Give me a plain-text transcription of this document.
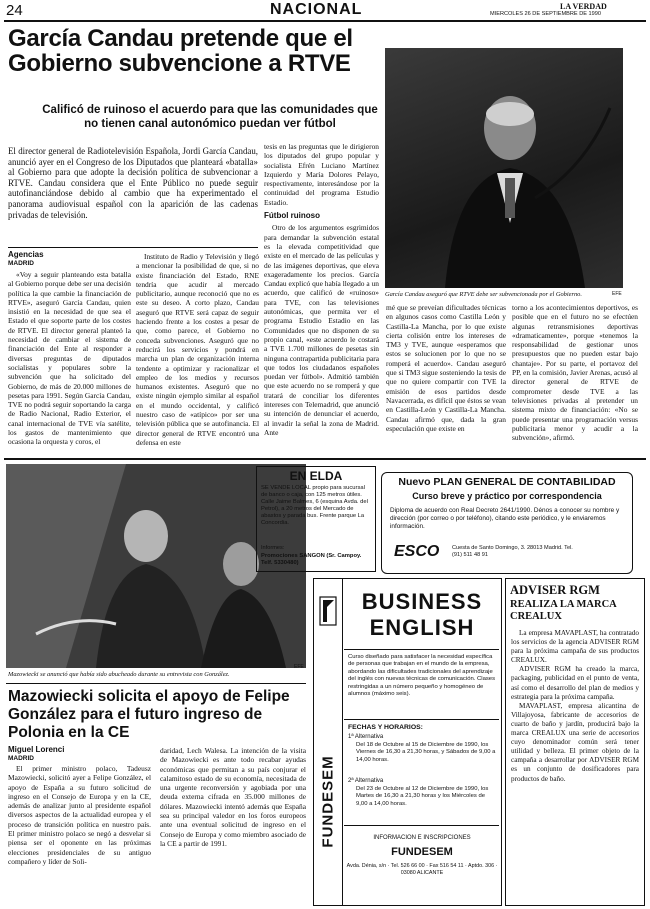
24	NACIONAL	LA VERDAD
MIERCOLES 26 DE SEPTIEMBRE DE 1990
García Candau pretende que el Gobierno subvencione a RTVE
Calificó de ruinoso el acuerdo para que las comunidades que no tienen canal autonómico puedan ver fútbol
García Candau aseguró que RTVE debe ser subvencionada por el Gobierno.	EFE
El director general de Radiotelevisión Española, Jordi García Candau, anunció ayer en el Congreso de los Diputados que planteará «batalla» al Gobierno para que adopte la decisión política de subvencionar a RTVE. Candau considera que el Ente Público no puede seguir autofinanciándose debido al cambio que ha experimentado el panorama audiovisual español con la aparición de las cadenas privadas de televisión.
Agencias
MADRID

«Voy a seguir planteando esta batalla al Gobierno porque debe ser una decisión política la que cambie la financiación de RTVE», aseguró García Candau, quien insistió en la necesidad de que sea el Estado el que soporte parte de los costes de RTVE. El director general planteó la necesidad de cambiar el sistema de financiación del Ente al responder a diversas preguntas de diputados socialistas y populares sobre la subvención que ha solicitado del Gobierno, de más de 20.000 millones de pesetas para 1991. Según García Candau, TVE no podrá seguir soportando la carga de Radio Nacional, Radio Exterior, el canal internacional de TVE vía satélite, los gastos de mantenimiento que ocasiona la orquesta y coros, el

Instituto de Radio y Televisión y llegó a mencionar la posibilidad de que, si no existe financiación del Estado, RNE tendría que acudir al mercado publicitario, aunque reconoció que no es este su deseo. A corto plazo, Candau aseguró que RTVE será capaz de seguir haciendo frente a los costes a pesar de que, como parece, el Gobierno no conceda subvenciones. Aseguró que no reducirá los servicios y pondrá en marcha un plan de organización interna tendente a optimizar y racionalizar el empleo de los medios y recursos humanos existentes. Aseguró que no existe ningún ejemplo similar al español en el mundo occidental, y calificó nuestro caso de «atípico» por ser una televisión pública que se autofinancia. El director general de RTVE encontró una defensa en este

tesis en las preguntas que le dirigieron los diputados del grupo popular y socialista Efrén Luciano Martínez Izquierdo y María Dolores Pelayo, respectivamente, interesándose por la continuidad del programa Estudio Estadio.

Fútbol ruinoso

Otro de los argumentos esgrimidos para demandar la subvención estatal es la elevada competitividad que existe en el mercado de las películas y de las imágenes deportivas, que eleva exageradamente los precios. García Candau explicó que había llegado a un acuerdo, que calificó de «ruinoso» para TVE, con las televisiones autonómicas, que permita ver el programa Estudio Estadio en las Comunidades que no disponen de su propio canal, «este acuerdo le costará a TVE 1.700 millones de pesetas sin ninguna contrapartida publicitaria para que todos los ciudadanos españoles puedan ver fútbol». Admitió también que este acuerdo no se romperá y que tratará de conciliar los diferentes intereses con Telemadrid, que anunció su intención de denunciar el acuerdo, al invadir la señal la zona de Madrid. Ante

mé que se preveían dificultades técnicas en algunos casos como Castilla León y Castilla-La Mancha, por lo que existe cierta colisión entre los intereses de TM3 y TVE, aunque «esperamos que estos se solucionen por lo que no se romperá el acuerdo». Candau aseguró que si TM3 sigue sosteniendo la tesis de que no quiere compartir con TVE la emisión de esos partidos desde Navacerrada, es difícil que éstos se vean en Castilla-León y Castilla-La Mancha. Candau afirmó que, dada la gran especulación que existe en

torno a los acontecimientos deportivos, es posible que en el futuro no se efectúen algunas retransmisiones deportivas «dramaticamente», porque «tenemos la responsabilidad de gestionar unos presupuestos que no pueden estar bajo chantaje». Por su parte, el portavoz del PP, en la comisión, Javier Arenas, acusó al director general de RTVE de comprometer desde TVE a las televisiones privadas al pretender un sistema mixto de financiación: «No se puede presentar una programación versus publicitaria menor y acudir a la subvención», afirmó.

Mazowiecki se anunció que había sido abucheado durante su entrevista con González.
EFE
Mazowiecki solicita el apoyo de Felipe González para el futuro ingreso de Polonia en la CE
Miguel Lorenci
MADRID

El primer ministro polaco, Tadeusz Mazowiecki, solicitó ayer a Felipe González, el apoyo de España a su futuro solicitud de ingreso en el Consejo de Europa y en la CE, además de analizar junto al presidente español diversos aspectos de la actualidad europea y el proceso de transición política en nuestro país. El primer ministro polaco se negó a desvelar si piensa ser el oponente en las próximas elecciones presidenciales de su antiguo compañero y líder de Soli-

daridad, Lech Walesa. La intención de la visita de Mazowiecki es ante todo recabar ayudas económicas que permitan a su país conjurar el calamitoso estado de su economía, necesitada de una urgente reconversión y agobiada por una deuda externa cifrada en 35.000 millones de dólares. Mazowiecki intentó además que España sea su principal valedor en los foros europeos ante una eventual solicitud de ingreso en el Consejo de Europa y como miembro asociado de la CE a partir de 1991.

EN ELDA
SE VENDE LOCAL propio para sucursal de banco o caja, con 125 metros útiles. Calle Jaime Balmes, 6 (esquina Avda. del Petrol), a 20 metros del Mercado de abastos y parada bus. Frente parque La Concordia.
Informes:
Promociones SANGON (Sr. Campoy. Telf. 5330480)
Nuevo PLAN GENERAL DE CONTABILIDAD
Curso breve y práctico por correspondencia
Diploma de acuerdo con Real Decreto 2641/1990. Dénos a conocer su nombre y dirección (por correo o por teléfono), citando este periódico, y le enviaremos información.
ESCO Cuesta de Santo Domingo, 3. 28013 Madrid. Tel. (91) 511 48 91
FUNDESEM
BUSINESS
ENGLISH
Curso diseñado para satisfacer la necesidad específica de personas que trabajan en el mundo de la empresa, abordando las dificultades tradicionales del aprendizaje del inglés con nuevas técnicas de comunicación. Clases restringidas a un número pequeño y homogéneo de alumnos (máximo seis).
FECHAS Y HORARIOS:
1ª Alternativa
Del 18 de Octubre al 15 de Diciembre de 1990, los Viernes de 16,30 a 21,30 horas, y Sábados de 9,00 a 14,00 horas.
2ª Alternativa
Del 23 de Octubre al 12 de Diciembre de 1990, los Martes de 16,30 a 21,30 horas y los Miércoles de 9,00 a 14,00 horas.
INFORMACION E INSCRIPCIONES
FUNDESEM
Avda. Dénia, s/n · Tel. 526 66 00 · Fax 516 54 11 · Aptdo. 306 · 03080 ALICANTE
ADVISER RGM
REALIZA LA MARCA CREALUX

La empresa MAVAPLAST, ha contratado los servicios de la agencia ADVISER RGM para la próxima campaña de sus productos CREALUX.

ADVISER RGM ha creado la marca, packaging, publicidad en el punto de venta, así como el desarrollo del plan de medios y estrategia para la próxima campaña.

MAVAPLAST, empresa alicantina de Villajoyosa, fabricante de accesorios de cuarto de baño y jardín, producirá bajo la marca CREALUX una serie de accesorios cuyo denominador común será tener utilidad y belleza. El primer objeto de la campaña a desarrollar por ADVISER RGM es un conjunto de dosificadores para productos de baño.
